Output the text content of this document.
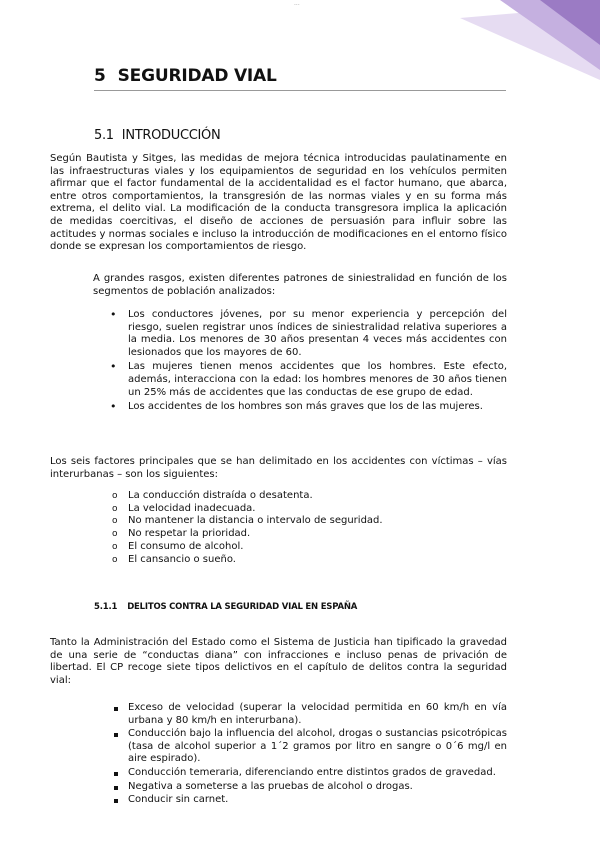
...
5 SEGURIDAD VIAL
5.1 INTRODUCCIÓN
Según Bautista y Sitges, las medidas de mejora técnica introducidas paulatinamente en las infraestructuras viales y los equipamientos de seguridad en los vehículos permiten afirmar que el factor fundamental de la accidentalidad es el factor humano, que abarca, entre otros comportamientos, la transgresión de las normas viales y en su forma más extrema, el delito vial. La modificación de la conducta transgresora implica la aplicación de medidas coercitivas, el diseño de acciones de persuasión para influir sobre las actitudes y normas sociales e incluso la introducción de modificaciones en el entorno físico donde se expresan los comportamientos de riesgo.
A grandes rasgos, existen diferentes patrones de siniestralidad en función de los segmentos de población analizados:
• Los conductores jóvenes, por su menor experiencia y percepción del riesgo, suelen registrar unos índices de siniestralidad relativa superiores a la media. Los menores de 30 años presentan 4 veces más accidentes con lesionados que los mayores de 60.
• Las mujeres tienen menos accidentes que los hombres. Este efecto, además, interacciona con la edad: los hombres menores de 30 años tienen un 25% más de accidentes que las conductas de ese grupo de edad.
• Los accidentes de los hombres son más graves que los de las mujeres.
Los seis factores principales que se han delimitado en los accidentes con víctimas – vías interurbanas – son los siguientes:
o La conducción distraída o desatenta.
o La velocidad inadecuada.
o No mantener la distancia o intervalo de seguridad.
o No respetar la prioridad.
o El consumo de alcohol.
o El cansancio o sueño.
5.1.1 DELITOS CONTRA LA SEGURIDAD VIAL EN ESPAÑA
Tanto la Administración del Estado como el Sistema de Justicia han tipificado la gravedad de una serie de “conductas diana” con infracciones e incluso penas de privación de libertad. El CP recoge siete tipos delictivos en el capítulo de delitos contra la seguridad vial:
Exceso de velocidad (superar la velocidad permitida en 60 km/h en vía urbana y 80 km/h en interurbana).
Conducción bajo la influencia del alcohol, drogas o sustancias psicotrópicas (tasa de alcohol superior a 1´2 gramos por litro en sangre o 0´6 mg/l en aire espirado).
Conducción temeraria, diferenciando entre distintos grados de gravedad.
Negativa a someterse a las pruebas de alcohol o drogas.
Conducir sin carnet.
